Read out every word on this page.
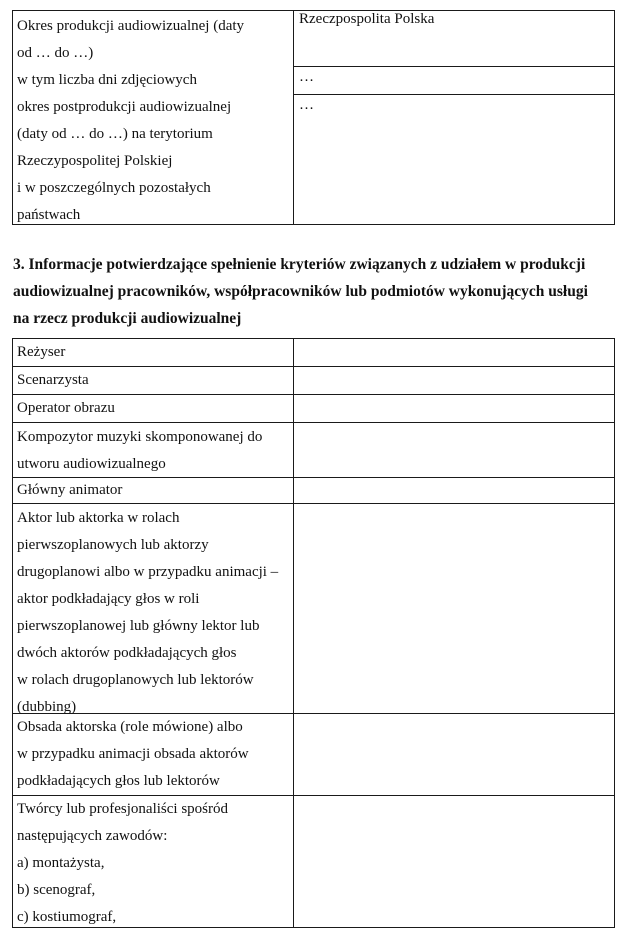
Okres produkcji audiowizualnej (daty
od … do …)
w tym liczba dni zdjęciowych
okres postprodukcji audiowizualnej
(daty od … do …) na terytorium
Rzeczypospolitej Polskiej
i w poszczególnych pozostałych
państwach
Rzeczpospolita Polska
…
…
3. Informacje potwierdzające spełnienie kryteriów związanych z udziałem w produkcji
audiowizualnej pracowników, współpracowników lub podmiotów wykonujących usługi
na rzecz produkcji audiowizualnej
Reżyser
Scenarzysta
Operator obrazu
Kompozytor muzyki skomponowanej do
utworu audiowizualnego
Główny animator
Aktor lub aktorka w rolach
pierwszoplanowych lub aktorzy
drugoplanowi albo w przypadku animacji –
aktor podkładający głos w roli
pierwszoplanowej lub główny lektor lub
dwóch aktorów podkładających głos
w rolach drugoplanowych lub lektorów
(dubbing)
Obsada aktorska (role mówione) albo
w przypadku animacji obsada aktorów
podkładających głos lub lektorów
Twórcy lub profesjonaliści spośród
następujących zawodów:
a) montażysta,
b) scenograf,
c) kostiumograf,
